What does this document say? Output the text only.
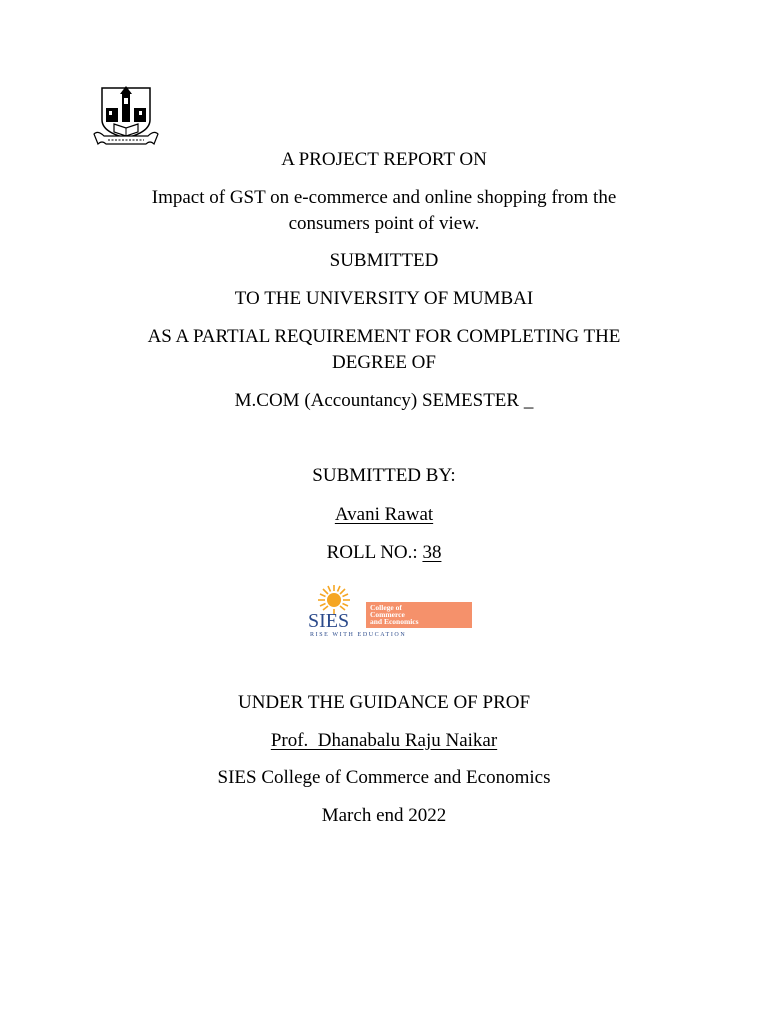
A PROJECT REPORT ON
Impact of GST on e-commerce and online shopping from the
consumers point of view.
SUBMITTED
TO THE UNIVERSITY OF MUMBAI
AS A PARTIAL REQUIREMENT FOR COMPLETING THE
DEGREE OF
M.COM (Accountancy) SEMESTER _
SUBMITTED BY:
Avani Rawat
ROLL NO.: 38
SIES
College of
Commerce
and Economics
RISE WITH EDUCATION
UNDER THE GUIDANCE OF PROF
Prof.  Dhanabalu Raju Naikar
SIES College of Commerce and Economics
March end 2022
